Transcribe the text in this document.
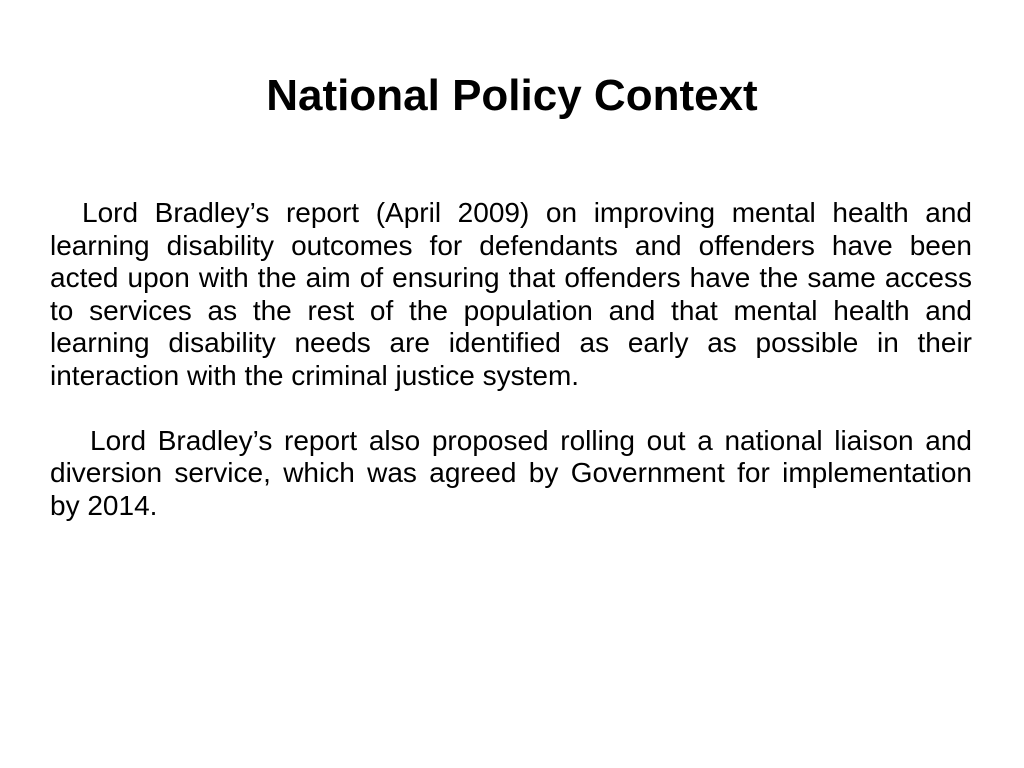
National Policy Context

Lord Bradley’s report (April 2009) on improving mental health and learning disability outcomes for defendants and offenders have been acted upon with the aim of ensuring that offenders have the same access to services as the rest of the population and that mental health and learning disability needs are identified as early as possible in their interaction with the criminal justice system.

Lord Bradley’s report also proposed rolling out a national liaison and diversion service, which was agreed by Government for implementation by 2014.
